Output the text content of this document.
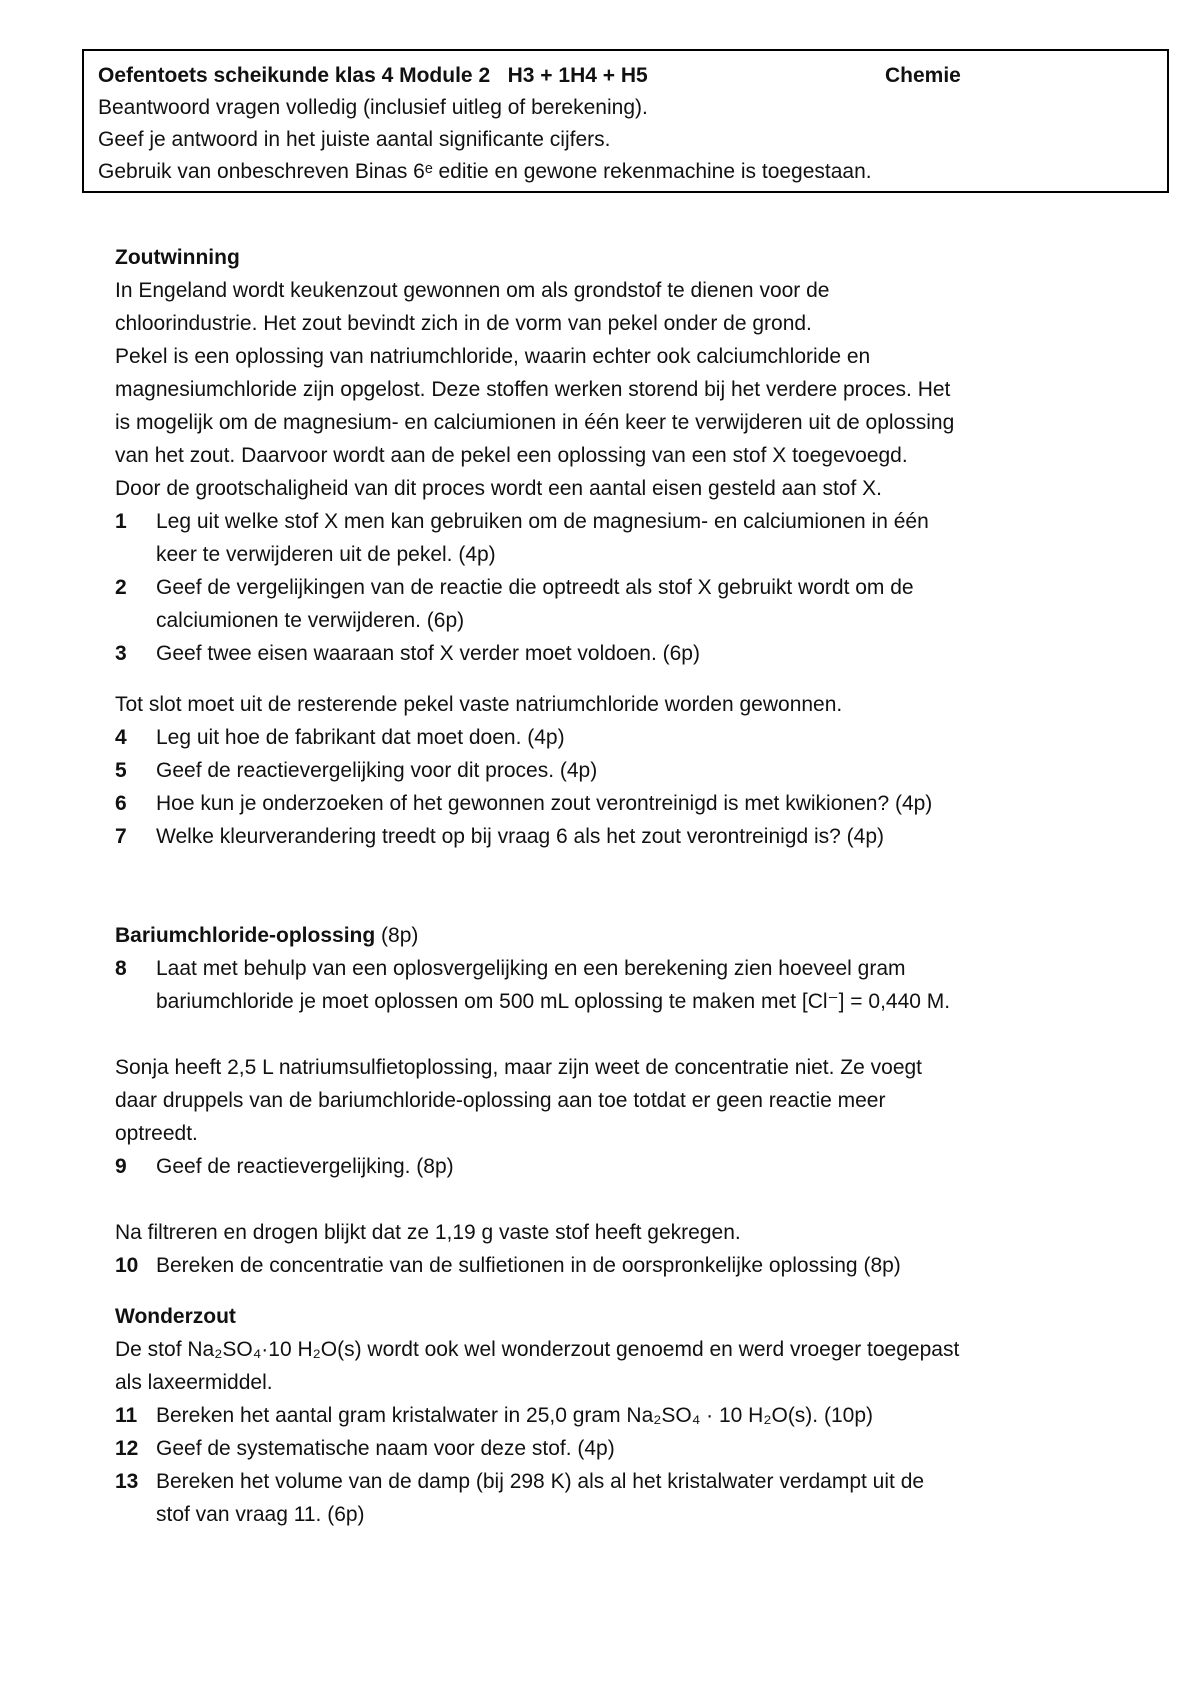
Oefentoets scheikunde klas 4 Module 2   H3 + 1H4 + H5	Chemie
Beantwoord vragen volledig (inclusief uitleg of berekening).
Geef je antwoord in het juiste aantal significante cijfers.
Gebruik van onbeschreven Binas 6ᵉ editie en gewone rekenmachine is toegestaan.
Zoutwinning
In Engeland wordt keukenzout gewonnen om als grondstof te dienen voor de
chloorindustrie. Het zout bevindt zich in de vorm van pekel onder de grond.
Pekel is een oplossing van natriumchloride, waarin echter ook calciumchloride en
magnesiumchloride zijn opgelost. Deze stoffen werken storend bij het verdere proces. Het
is mogelijk om de magnesium- en calciumionen in één keer te verwijderen uit de oplossing
van het zout. Daarvoor wordt aan de pekel een oplossing van een stof X toegevoegd.
Door de grootschaligheid van dit proces wordt een aantal eisen gesteld aan stof X.
1	Leg uit welke stof X men kan gebruiken om de magnesium- en calciumionen in één
keer te verwijderen uit de pekel. (4p)
2	Geef de vergelijkingen van de reactie die optreedt als stof X gebruikt wordt om de
calciumionen te verwijderen. (6p)
3	Geef twee eisen waaraan stof X verder moet voldoen. (6p)
Tot slot moet uit de resterende pekel vaste natriumchloride worden gewonnen.
4	Leg uit hoe de fabrikant dat moet doen. (4p)
5	Geef de reactievergelijking voor dit proces. (4p)
6	Hoe kun je onderzoeken of het gewonnen zout verontreinigd is met kwikionen? (4p)
7	Welke kleurverandering treedt op bij vraag 6 als het zout verontreinigd is? (4p)
Bariumchloride-oplossing (8p)
8	Laat met behulp van een oplosvergelijking en een berekening zien hoeveel gram
bariumchloride je moet oplossen om 500 mL oplossing te maken met [Cl⁻] = 0,440 M.
Sonja heeft 2,5 L natriumsulfietoplossing, maar zijn weet de concentratie niet. Ze voegt
daar druppels van de bariumchloride-oplossing aan toe totdat er geen reactie meer
optreedt.
9	Geef de reactievergelijking. (8p)
Na filtreren en drogen blijkt dat ze 1,19 g vaste stof heeft gekregen.
10 Bereken de concentratie van de sulfietionen in de oorspronkelijke oplossing (8p)
Wonderzout
De stof Na₂SO₄·10 H₂O(s) wordt ook wel wonderzout genoemd en werd vroeger toegepast
als laxeermiddel.
11 Bereken het aantal gram kristalwater in 25,0 gram Na₂SO₄ · 10 H₂O(s). (10p)
12 Geef de systematische naam voor deze stof. (4p)
13 Bereken het volume van de damp (bij 298 K) als al het kristalwater verdampt uit de
stof van vraag 11. (6p)
